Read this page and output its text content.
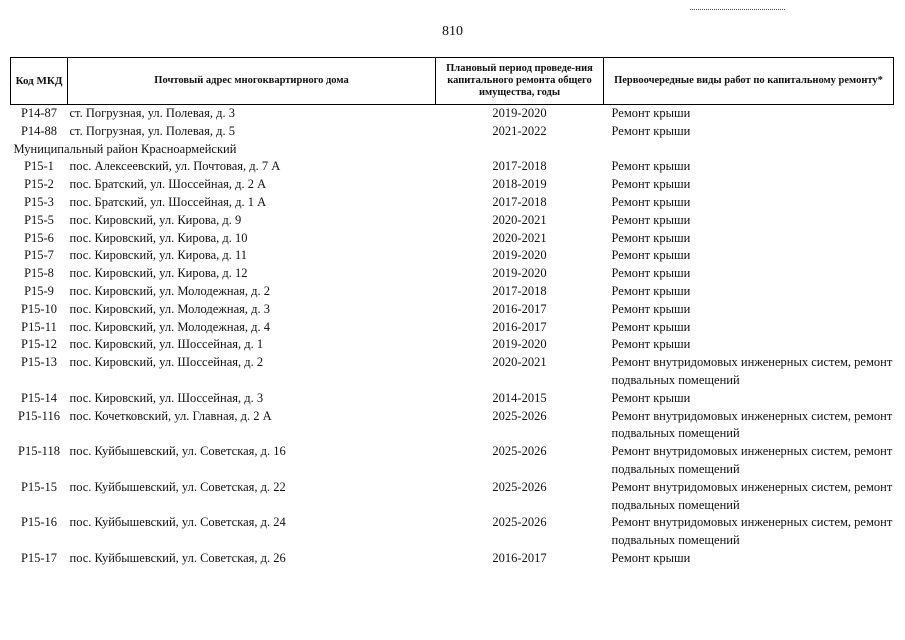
810
Код МКД	Почтовый адрес многоквартирного дома	Плановый период проведе-ния капитального ремонта общего имущества, годы	Первоочередные виды работ по капитальному ремонту*
Р14-87	ст. Погрузная, ул. Полевая, д. 3	2019-2020	Ремонт крыши
Р14-88	ст. Погрузная, ул. Полевая, д. 5	2021-2022	Ремонт крыши
Муниципальный район Красноармейский			
Р15-1	пос. Алексеевский, ул. Почтовая, д. 7 А	2017-2018	Ремонт крыши
Р15-2	пос. Братский, ул. Шоссейная, д. 2 А	2018-2019	Ремонт крыши
Р15-3	пос. Братский, ул. Шоссейная, д. 1 А	2017-2018	Ремонт крыши
Р15-5	пос. Кировский, ул. Кирова, д. 9	2020-2021	Ремонт крыши
Р15-6	пос. Кировский, ул. Кирова, д. 10	2020-2021	Ремонт крыши
Р15-7	пос. Кировский, ул. Кирова, д. 11	2019-2020	Ремонт крыши
Р15-8	пос. Кировский, ул. Кирова, д. 12	2019-2020	Ремонт крыши
Р15-9	пос. Кировский, ул. Молодежная, д. 2	2017-2018	Ремонт крыши
Р15-10	пос. Кировский, ул. Молодежная, д. 3	2016-2017	Ремонт крыши
Р15-11	пос. Кировский, ул. Молодежная, д. 4	2016-2017	Ремонт крыши
Р15-12	пос. Кировский, ул. Шоссейная, д. 1	2019-2020	Ремонт крыши
Р15-13	пос. Кировский, ул. Шоссейная, д. 2	2020-2021	Ремонт внутридомовых инженерных систем, ремонт подвальных помещений
Р15-14	пос. Кировский, ул. Шоссейная, д. 3	2014-2015	Ремонт крыши
Р15-116	пос. Кочетковский, ул. Главная, д. 2 А	2025-2026	Ремонт внутридомовых инженерных систем, ремонт подвальных помещений
Р15-118	пос. Куйбышевский, ул. Советская, д. 16	2025-2026	Ремонт внутридомовых инженерных систем, ремонт подвальных помещений
Р15-15	пос. Куйбышевский, ул. Советская, д. 22	2025-2026	Ремонт внутридомовых инженерных систем, ремонт подвальных помещений
Р15-16	пос. Куйбышевский, ул. Советская, д. 24	2025-2026	Ремонт внутридомовых инженерных систем, ремонт подвальных помещений
Р15-17	пос. Куйбышевский, ул. Советская, д. 26	2016-2017	Ремонт крыши
